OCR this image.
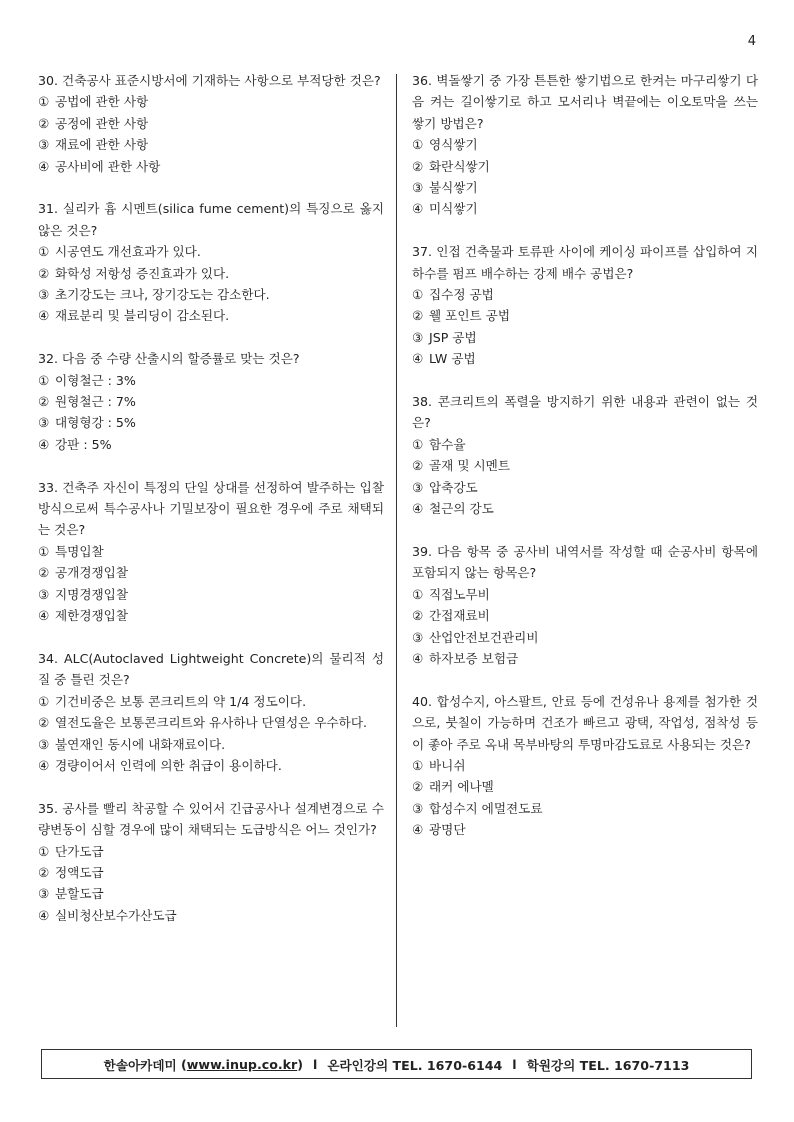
4
30. 건축공사 표준시방서에 기재하는 사항으로 부적당한 것은?
① 공법에 관한 사항
② 공정에 관한 사항
③ 재료에 관한 사항
④ 공사비에 관한 사항
31. 실리카 흄 시멘트(silica fume cement)의 특징으로 옳지 않은 것은?
① 시공연도 개선효과가 있다.
② 화학성 저항성 증진효과가 있다.
③ 초기강도는 크나, 장기강도는 감소한다.
④ 재료분리 및 블리딩이 감소된다.
32. 다음 중 수량 산출시의 할증률로 맞는 것은?
① 이형철근 : 3%
② 원형철근 : 7%
③ 대형형강 : 5%
④ 강판 : 5%
33. 건축주 자신이 특정의 단일 상대를 선정하여 발주하는 입찰방식으로써 특수공사나 기밀보장이 필요한 경우에 주로 채택되는 것은?
① 특명입찰
② 공개경쟁입찰
③ 지명경쟁입찰
④ 제한경쟁입찰
34. ALC(Autoclaved Lightweight Concrete)의 물리적 성질 중 틀린 것은?
① 기건비중은 보통 콘크리트의 약 1/4 정도이다.
② 열전도율은 보통콘크리트와 유사하나 단열성은 우수하다.
③ 불연재인 동시에 내화재료이다.
④ 경량이어서 인력에 의한 취급이 용이하다.
35. 공사를 빨리 착공할 수 있어서 긴급공사나 설계변경으로 수량변동이 심할 경우에 많이 채택되는 도급방식은 어느 것인가?
① 단가도급
② 정액도급
③ 분할도급
④ 실비청산보수가산도급
36. 벽돌쌓기 중 가장 튼튼한 쌓기법으로 한켜는 마구리쌓기 다음 켜는 길이쌓기로 하고 모서리나 벽끝에는 이오토막을 쓰는 쌓기 방법은?
① 영식쌓기
② 화란식쌓기
③ 불식쌓기
④ 미식쌓기
37. 인접 건축물과 토류판 사이에 케이싱 파이프를 삽입하여 지하수를 펌프 배수하는 강제 배수 공법은?
① 집수정 공법
② 웰 포인트 공법
③ JSP 공법
④ LW 공법
38. 콘크리트의 폭렬을 방지하기 위한 내용과 관련이 없는 것은?
① 함수율
② 골재 및 시멘트
③ 압축강도
④ 철근의 강도
39. 다음 항목 중 공사비 내역서를 작성할 때 순공사비 항목에 포함되지 않는 항목은?
① 직접노무비
② 간접재료비
③ 산업안전보건관리비
④ 하자보증 보험금
40. 합성수지, 아스팔트, 안료 등에 건성유나 용제를 첨가한 것으로, 붓칠이 가능하며 건조가 빠르고 광택, 작업성, 점착성 등이 좋아 주로 옥내 목부바탕의 투명마감도료로 사용되는 것은?
① 바니쉬
② 래커 에나멜
③ 합성수지 에멀젼도료
④ 광명단
한솔아카데미 ( www.inup.co.kr ) l 온라인강의 TEL. 1670-6144 l 학원강의 TEL. 1670-7113
